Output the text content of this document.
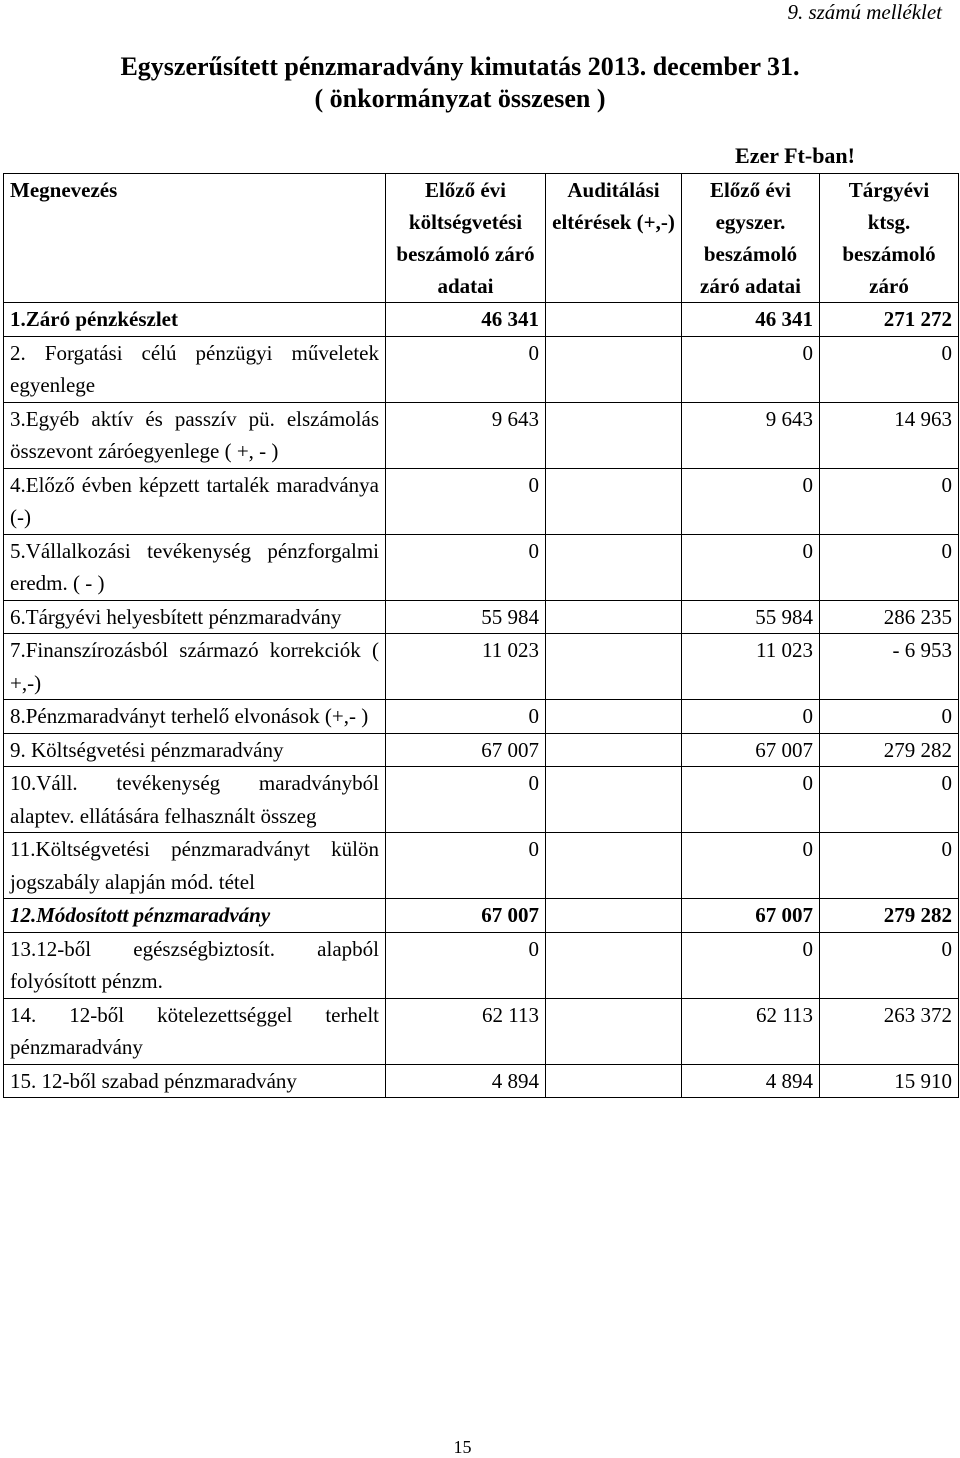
9. számú melléklet
Egyszerűsített pénzmaradvány kimutatás 2013. december 31.
( önkormányzat összesen )
Ezer Ft-ban!
Megnevezés	Előző évi költségvetési beszámoló záró adatai	Auditálási eltérések (+,-)	Előző évi egyszer. beszámoló záró adatai	Tárgyévi ktsg. beszámoló záró
1.Záró pénzkészlet	46 341		46 341	271 272
2. Forgatási célú pénzügyi műveletek egyenlege	0		0	0
3.Egyéb aktív és passzív pü. elszámolás összevont záróegyenlege ( +, - )	9 643		9 643	14 963
4.Előző évben képzett tartalék maradványa (-)	0		0	0
5.Vállalkozási tevékenység pénzforgalmi eredm. ( - )	0		0	0
6.Tárgyévi helyesbített pénzmaradvány	55 984		55 984	286 235
7.Finanszírozásból származó korrekciók ( +,-)	11 023		11 023	- 6 953
8.Pénzmaradványt terhelő elvonások (+,- )	0		0	0
9. Költségvetési pénzmaradvány	67 007		67 007	279 282
10.Váll. tevékenység maradványból alaptev. ellátására felhasznált összeg	0		0	0
11.Költségvetési pénzmaradványt külön jogszabály alapján mód. tétel	0		0	0
12.Módosított pénzmaradvány	67 007		67 007	279 282
13.12-ből egészségbiztosít. alapból folyósított pénzm.	0		0	0
14. 12-ből kötelezettséggel terhelt pénzmaradvány	62 113		62 113	263 372
15. 12-ből szabad pénzmaradvány	4 894		4 894	15 910
15
